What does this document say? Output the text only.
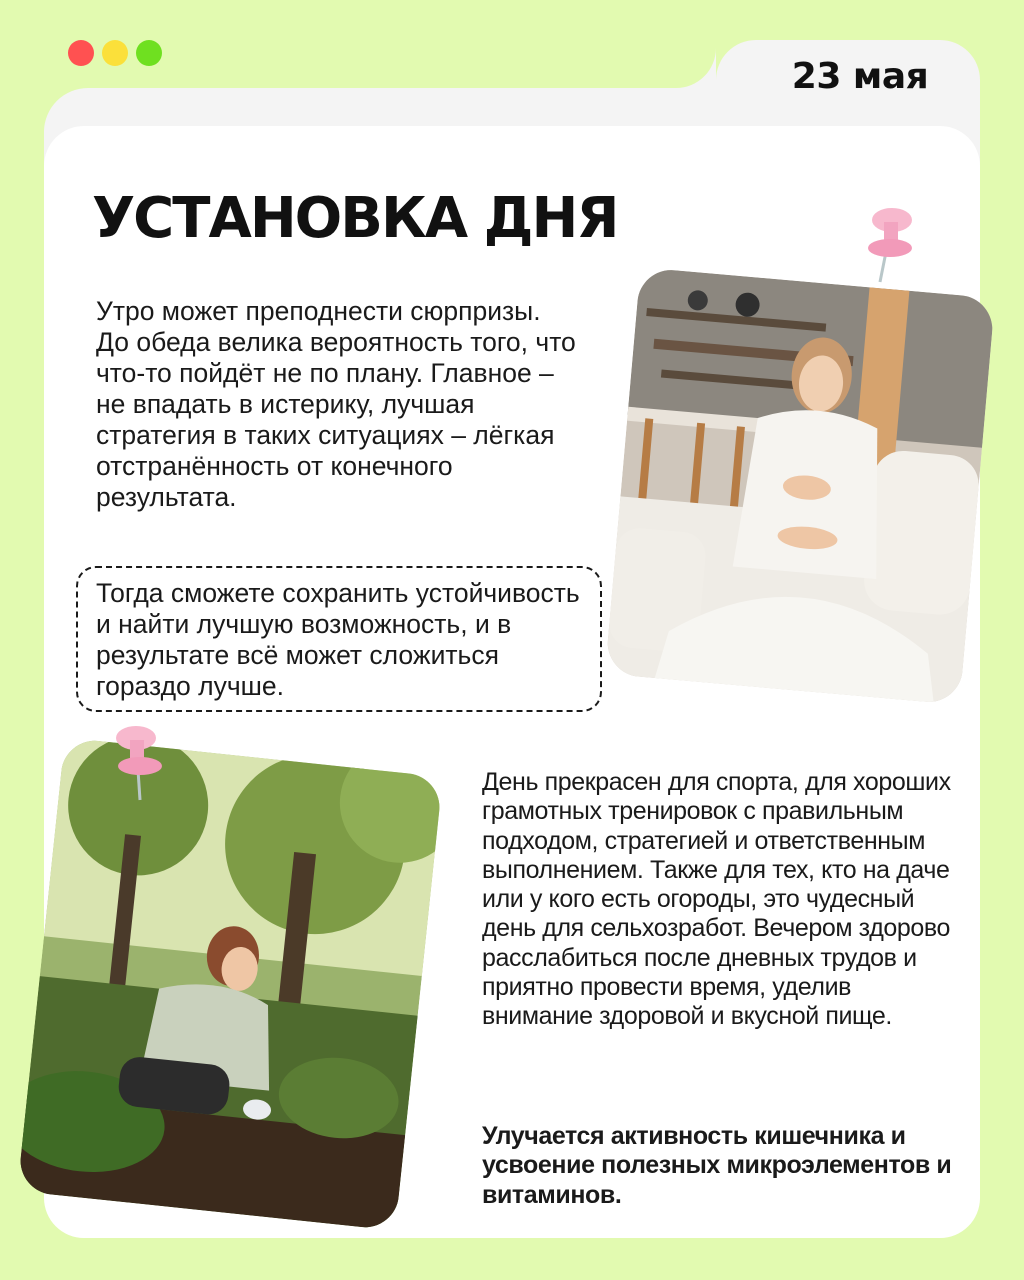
23 мая
УСТАНОВКА ДНЯ

Утро может преподнести сюрпризы. До обеда велика вероятность того, что что-то пойдёт не по плану. Главное – не впадать в истерику, лучшая стратегия в таких ситуациях – лёгкая отстранённость от конечного результата.

Тогда сможете сохранить устойчивость и найти лучшую возможность, и в результате всё может сложиться гораздо лучше.

День прекрасен для спорта, для хороших грамотных тренировок с правильным подходом, стратегией и ответственным выполнением. Также для тех, кто на даче или у кого есть огороды, это чудесный день для сельхозработ. Вечером здорово расслабиться после дневных трудов и приятно провести время, уделив внимание здоровой и вкусной пище.

Улучается активность кишечника и усвоение полезных микроэлементов и витаминов.
